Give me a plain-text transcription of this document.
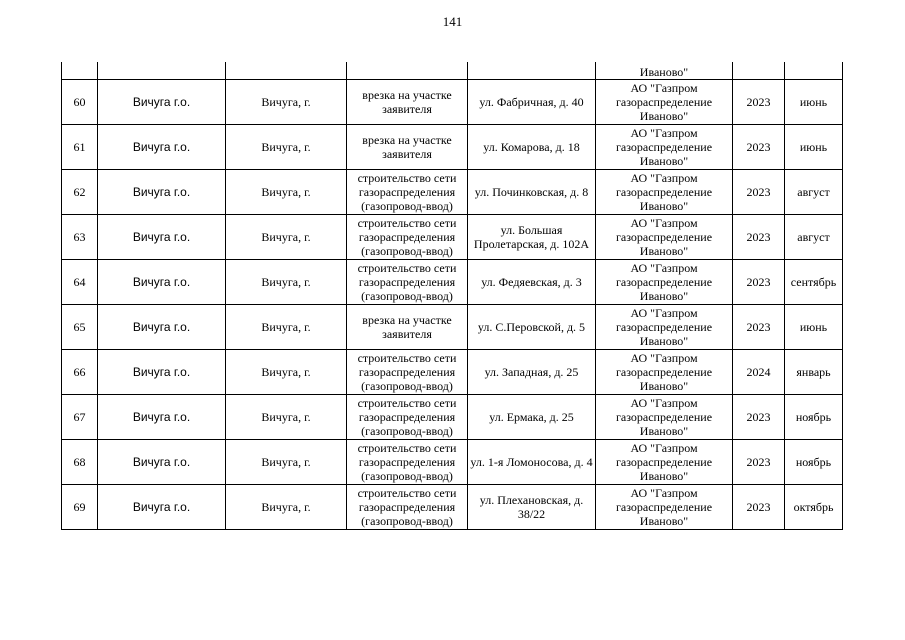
141
					Иваново"		
60	Вичуга г.о.	Вичуга, г.	врезка на участке заявителя	ул. Фабричная, д. 40	АО "Газпром газораспределение Иваново"	2023	июнь
61	Вичуга г.о.	Вичуга, г.	врезка на участке заявителя	ул. Комарова, д. 18	АО "Газпром газораспределение Иваново"	2023	июнь
62	Вичуга г.о.	Вичуга, г.	строительство сети газораспределения (газопровод-ввод)	ул. Починковская, д. 8	АО "Газпром газораспределение Иваново"	2023	август
63	Вичуга г.о.	Вичуга, г.	строительство сети газораспределения (газопровод-ввод)	ул. Большая Пролетарская, д. 102А	АО "Газпром газораспределение Иваново"	2023	август
64	Вичуга г.о.	Вичуга, г.	строительство сети газораспределения (газопровод-ввод)	ул. Федяевская, д. 3	АО "Газпром газораспределение Иваново"	2023	сентябрь
65	Вичуга г.о.	Вичуга, г.	врезка на участке заявителя	ул. С.Перовской, д. 5	АО "Газпром газораспределение Иваново"	2023	июнь
66	Вичуга г.о.	Вичуга, г.	строительство сети газораспределения (газопровод-ввод)	ул. Западная, д. 25	АО "Газпром газораспределение Иваново"	2024	январь
67	Вичуга г.о.	Вичуга, г.	строительство сети газораспределения (газопровод-ввод)	ул. Ермака, д. 25	АО "Газпром газораспределение Иваново"	2023	ноябрь
68	Вичуга г.о.	Вичуга, г.	строительство сети газораспределения (газопровод-ввод)	ул. 1-я Ломоносова, д. 4	АО "Газпром газораспределение Иваново"	2023	ноябрь
69	Вичуга г.о.	Вичуга, г.	строительство сети газораспределения (газопровод-ввод)	ул. Плехановская, д. 38/22	АО "Газпром газораспределение Иваново"	2023	октябрь
